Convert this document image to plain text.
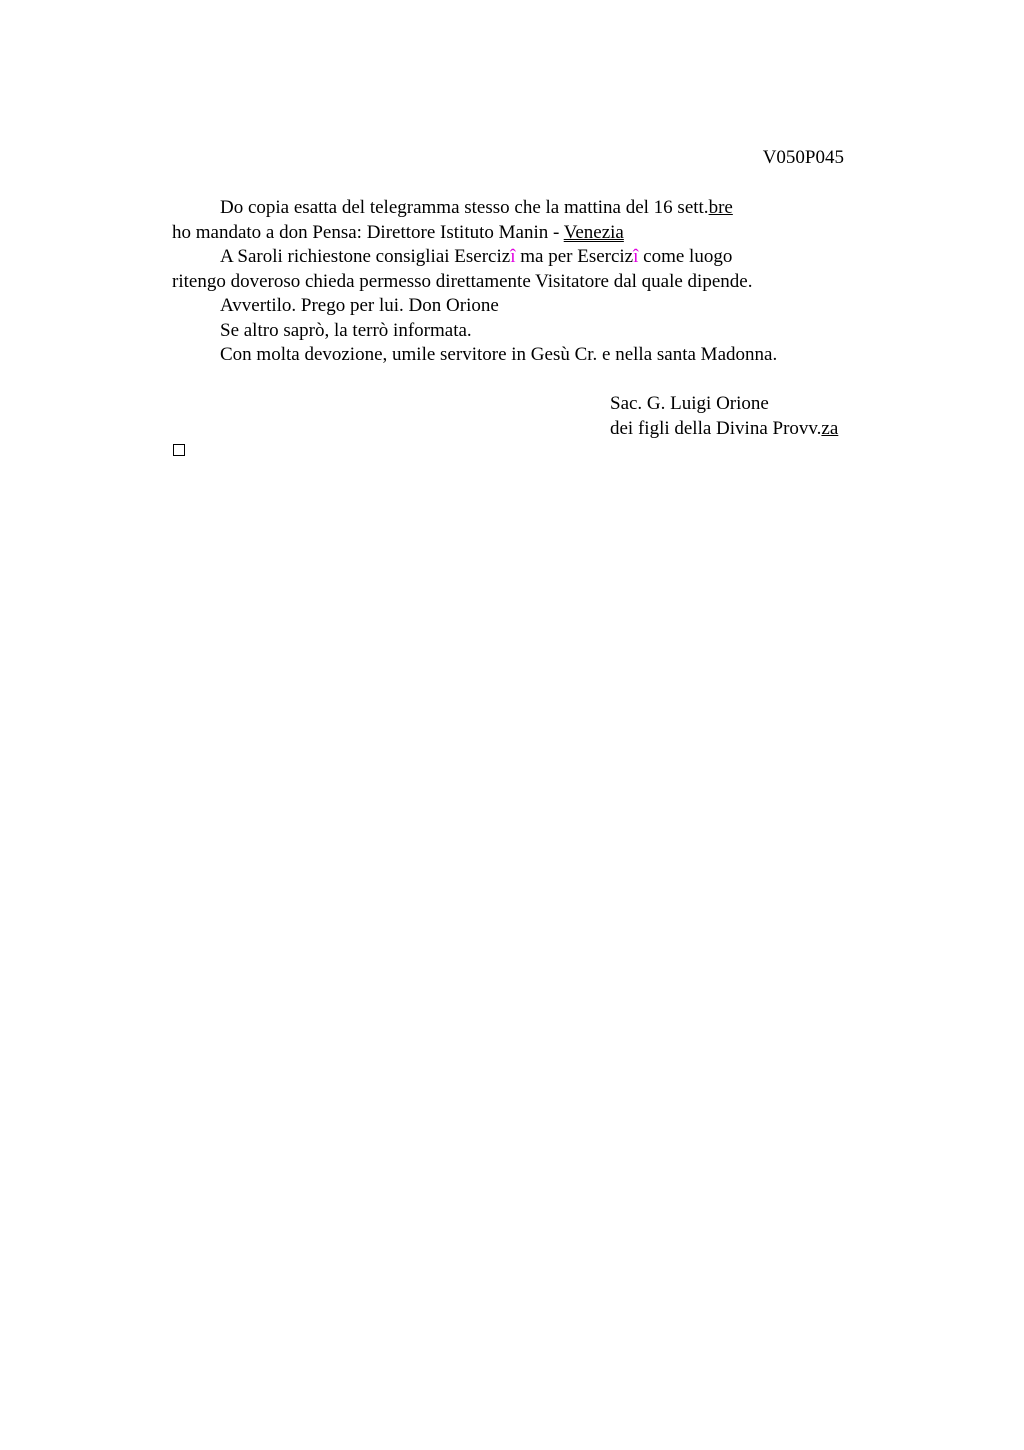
V050P045
Do copia esatta del telegramma stesso che la mattina del 16 sett.bre
ho mandato a don Pensa: Direttore Istituto Manin - Venezia
A Saroli richiestone consigliai Esercizî ma per Esercizî come luogo
ritengo doveroso chieda permesso direttamente Visitatore dal quale dipende.
Avvertilo. Prego per lui. Don Orione
Se altro saprò, la terrò informata.
Con molta devozione, umile servitore in Gesù Cr. e nella santa Madonna.
Sac. G. Luigi Orione
dei figli della Divina Provv.za
